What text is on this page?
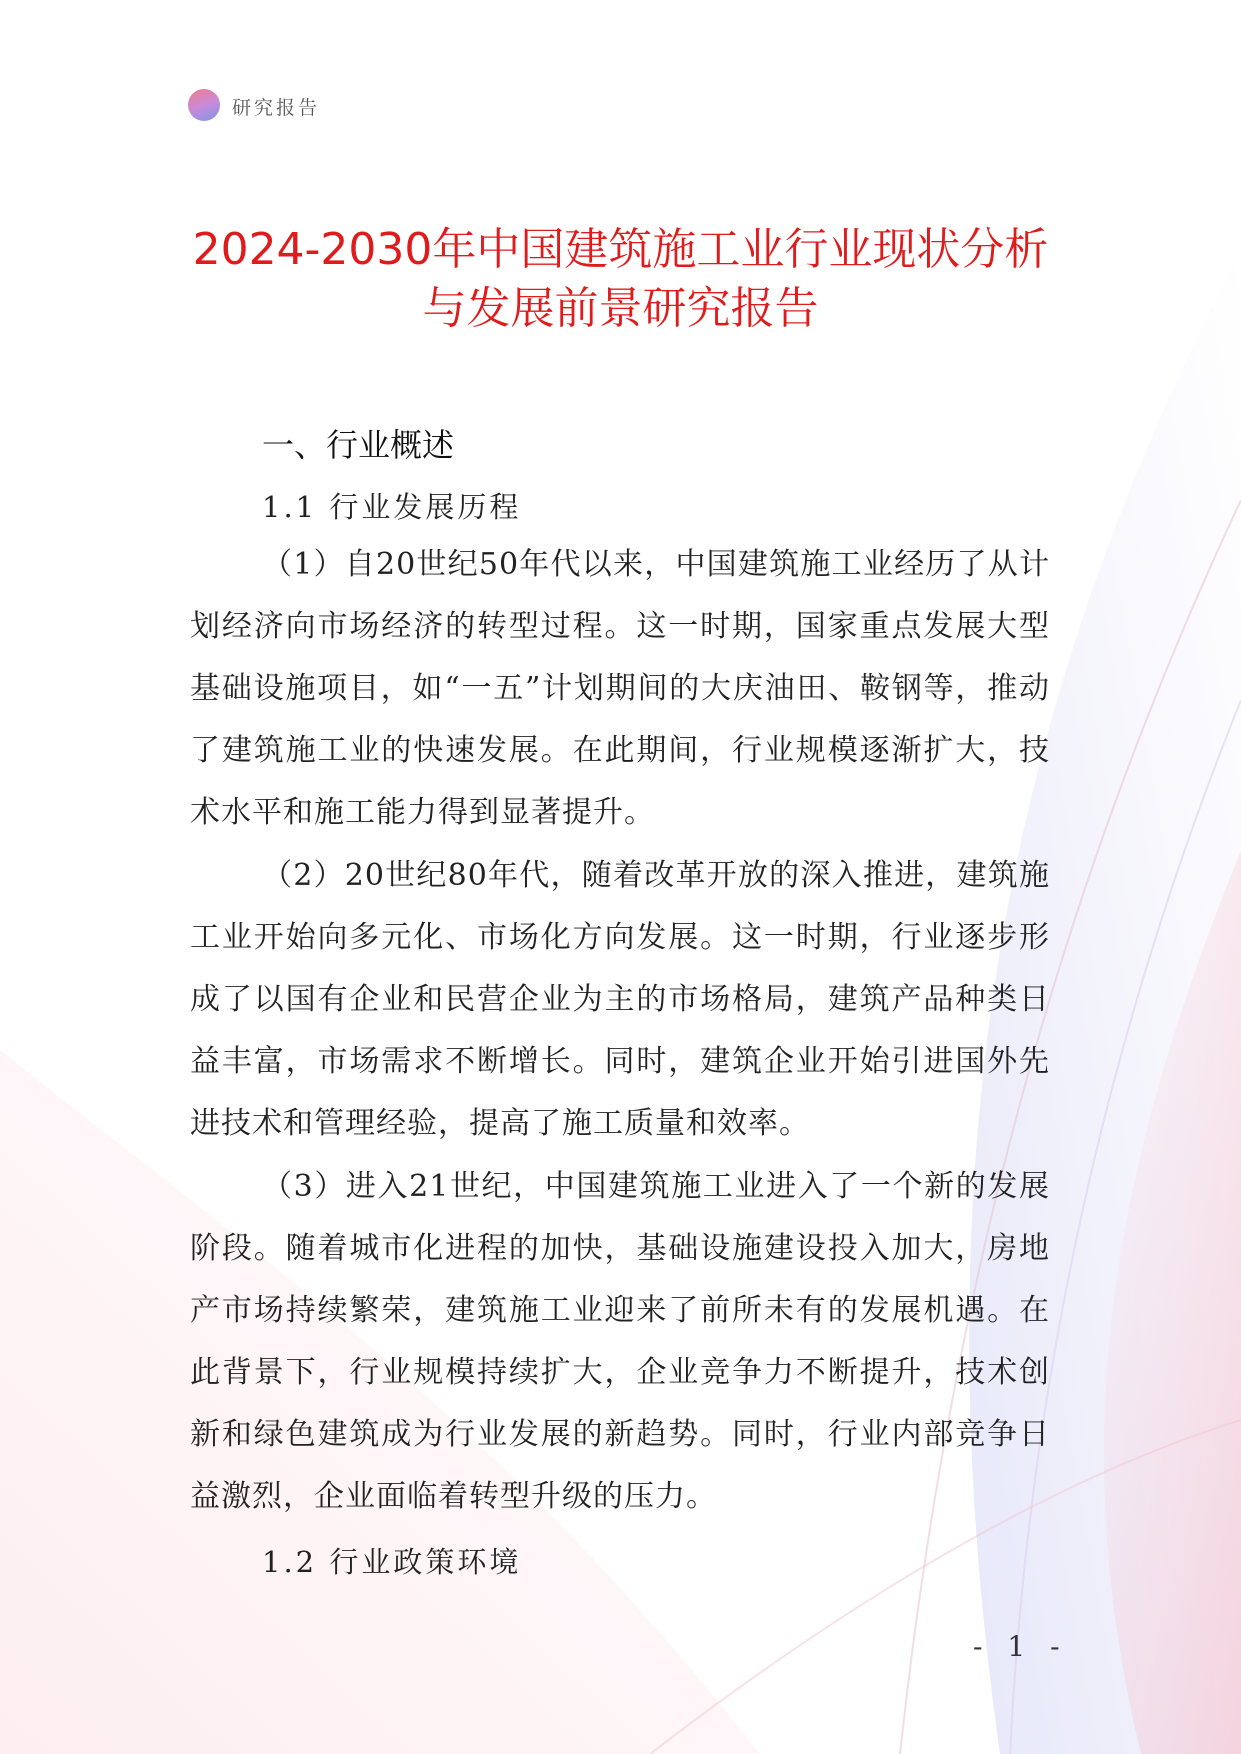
研究报告
2024-2030年中国建筑施工业行业现状分析
与发展前景研究报告
一、行业概述
1.1 行业发展历程

（1）自20世纪50年代以来，中国建筑施工业经历了从计划经济向市场经济的转型过程。这一时期，国家重点发展大型基础设施项目，如“一五”计划期间的大庆油田、鞍钢等，推动了建筑施工业的快速发展。在此期间，行业规模逐渐扩大，技术水平和施工能力得到显著提升。

（2）20世纪80年代，随着改革开放的深入推进，建筑施工业开始向多元化、市场化方向发展。这一时期，行业逐步形成了以国有企业和民营企业为主的市场格局，建筑产品种类日益丰富，市场需求不断增长。同时，建筑企业开始引进国外先进技术和管理经验，提高了施工质量和效率。

（3）进入21世纪，中国建筑施工业进入了一个新的发展阶段。随着城市化进程的加快，基础设施建设投入加大，房地产市场持续繁荣，建筑施工业迎来了前所未有的发展机遇。在此背景下，行业规模持续扩大，企业竞争力不断提升，技术创新和绿色建筑成为行业发展的新趋势。同时，行业内部竞争日益激烈，企业面临着转型升级的压力。

1.2 行业政策环境
- 1 -
